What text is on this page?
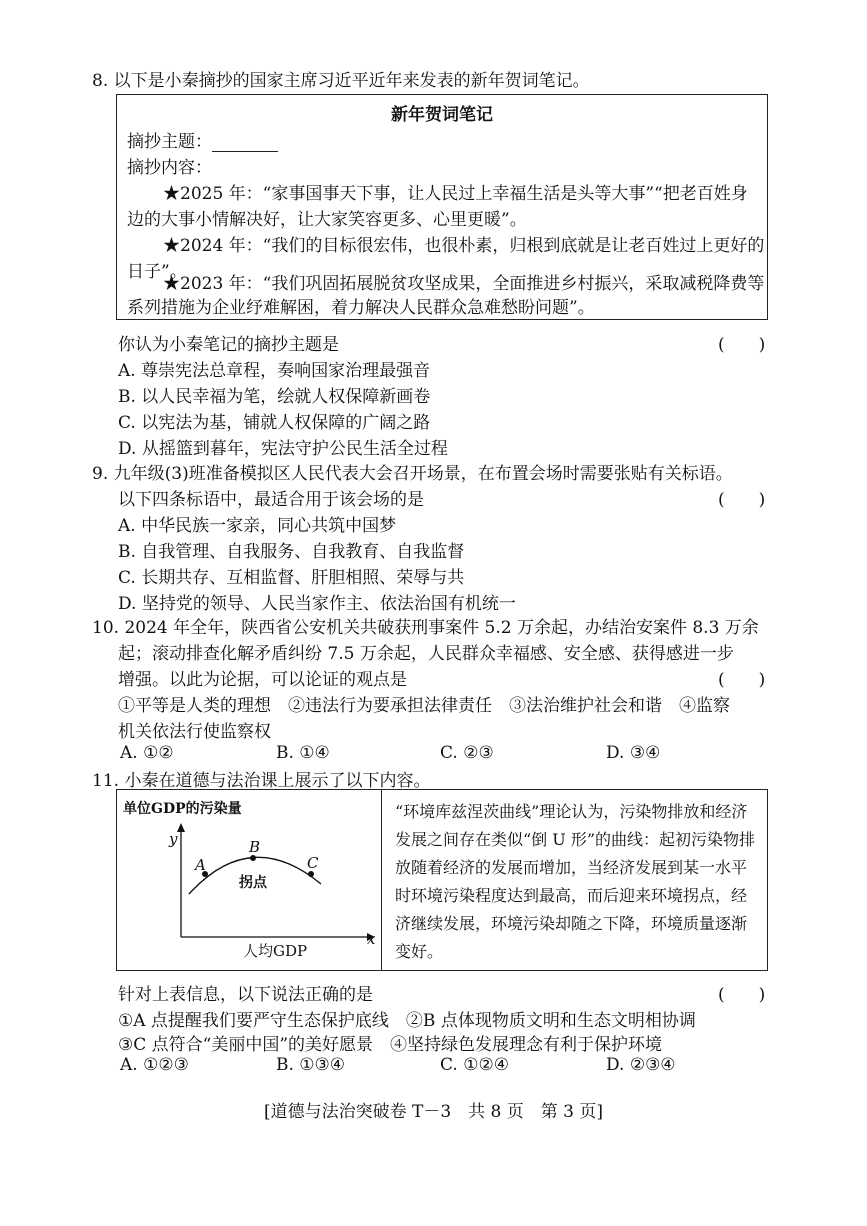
8. 以下是小秦摘抄的国家主席习近平近年来发表的新年贺词笔记。
新年贺词笔记
摘抄主题：
摘抄内容：
★2025 年：“家事国事天下事，让人民过上幸福生活是头等大事”“把老百姓身
边的大事小情解决好，让大家笑容更多、心里更暖”。
★2024 年：“我们的目标很宏伟，也很朴素，归根到底就是让老百姓过上更好的
日子”。
★2023 年：“我们巩固拓展脱贫攻坚成果，全面推进乡村振兴，采取减税降费等
系列措施为企业纾难解困，着力解决人民群众急难愁盼问题”。
你认为小秦笔记的摘抄主题是	(　　)
A. 尊崇宪法总章程，奏响国家治理最强音
B. 以人民幸福为笔，绘就人权保障新画卷
C. 以宪法为基，铺就人权保障的广阔之路
D. 从摇篮到暮年，宪法守护公民生活全过程
9. 九年级(3)班准备模拟区人民代表大会召开场景，在布置会场时需要张贴有关标语。
以下四条标语中，最适合用于该会场的是	(　　)
A. 中华民族一家亲，同心共筑中国梦
B. 自我管理、自我服务、自我教育、自我监督
C. 长期共存、互相监督、肝胆相照、荣辱与共
D. 坚持党的领导、人民当家作主、依法治国有机统一
10. 2024 年全年，陕西省公安机关共破获刑事案件 5.2 万余起，办结治安案件 8.3 万余
起；滚动排查化解矛盾纠纷 7.5 万余起，人民群众幸福感、安全感、获得感进一步
增强。以此为论据，可以论证的观点是	(　　)
①平等是人类的理想　②违法行为要承担法律责任　③法治维护社会和谐　④监察
机关依法行使监察权
A. ①②	B. ①④	C. ②③	D. ③④
11. 小秦在道德与法治课上展示了以下内容。
单位GDP的污染量
y
A
B
C
拐点
人均GDP
x
“环境库兹涅茨曲线”理论认为，污染物排放和经济发展之间存在类似“倒 U 形”的曲线：起初污染物排放随着经济的发展而增加，当经济发展到某一水平时环境污染程度达到最高，而后迎来环境拐点，经济继续发展，环境污染却随之下降，环境质量逐渐变好。
针对上表信息，以下说法正确的是	(　　)
①A 点提醒我们要严守生态保护底线　②B 点体现物质文明和生态文明相协调
③C 点符合“美丽中国”的美好愿景　④坚持绿色发展理念有利于保护环境
A. ①②③	B. ①③④	C. ①②④	D. ②③④
[道德与法治突破卷 T－3　共 8 页　第 3 页]
